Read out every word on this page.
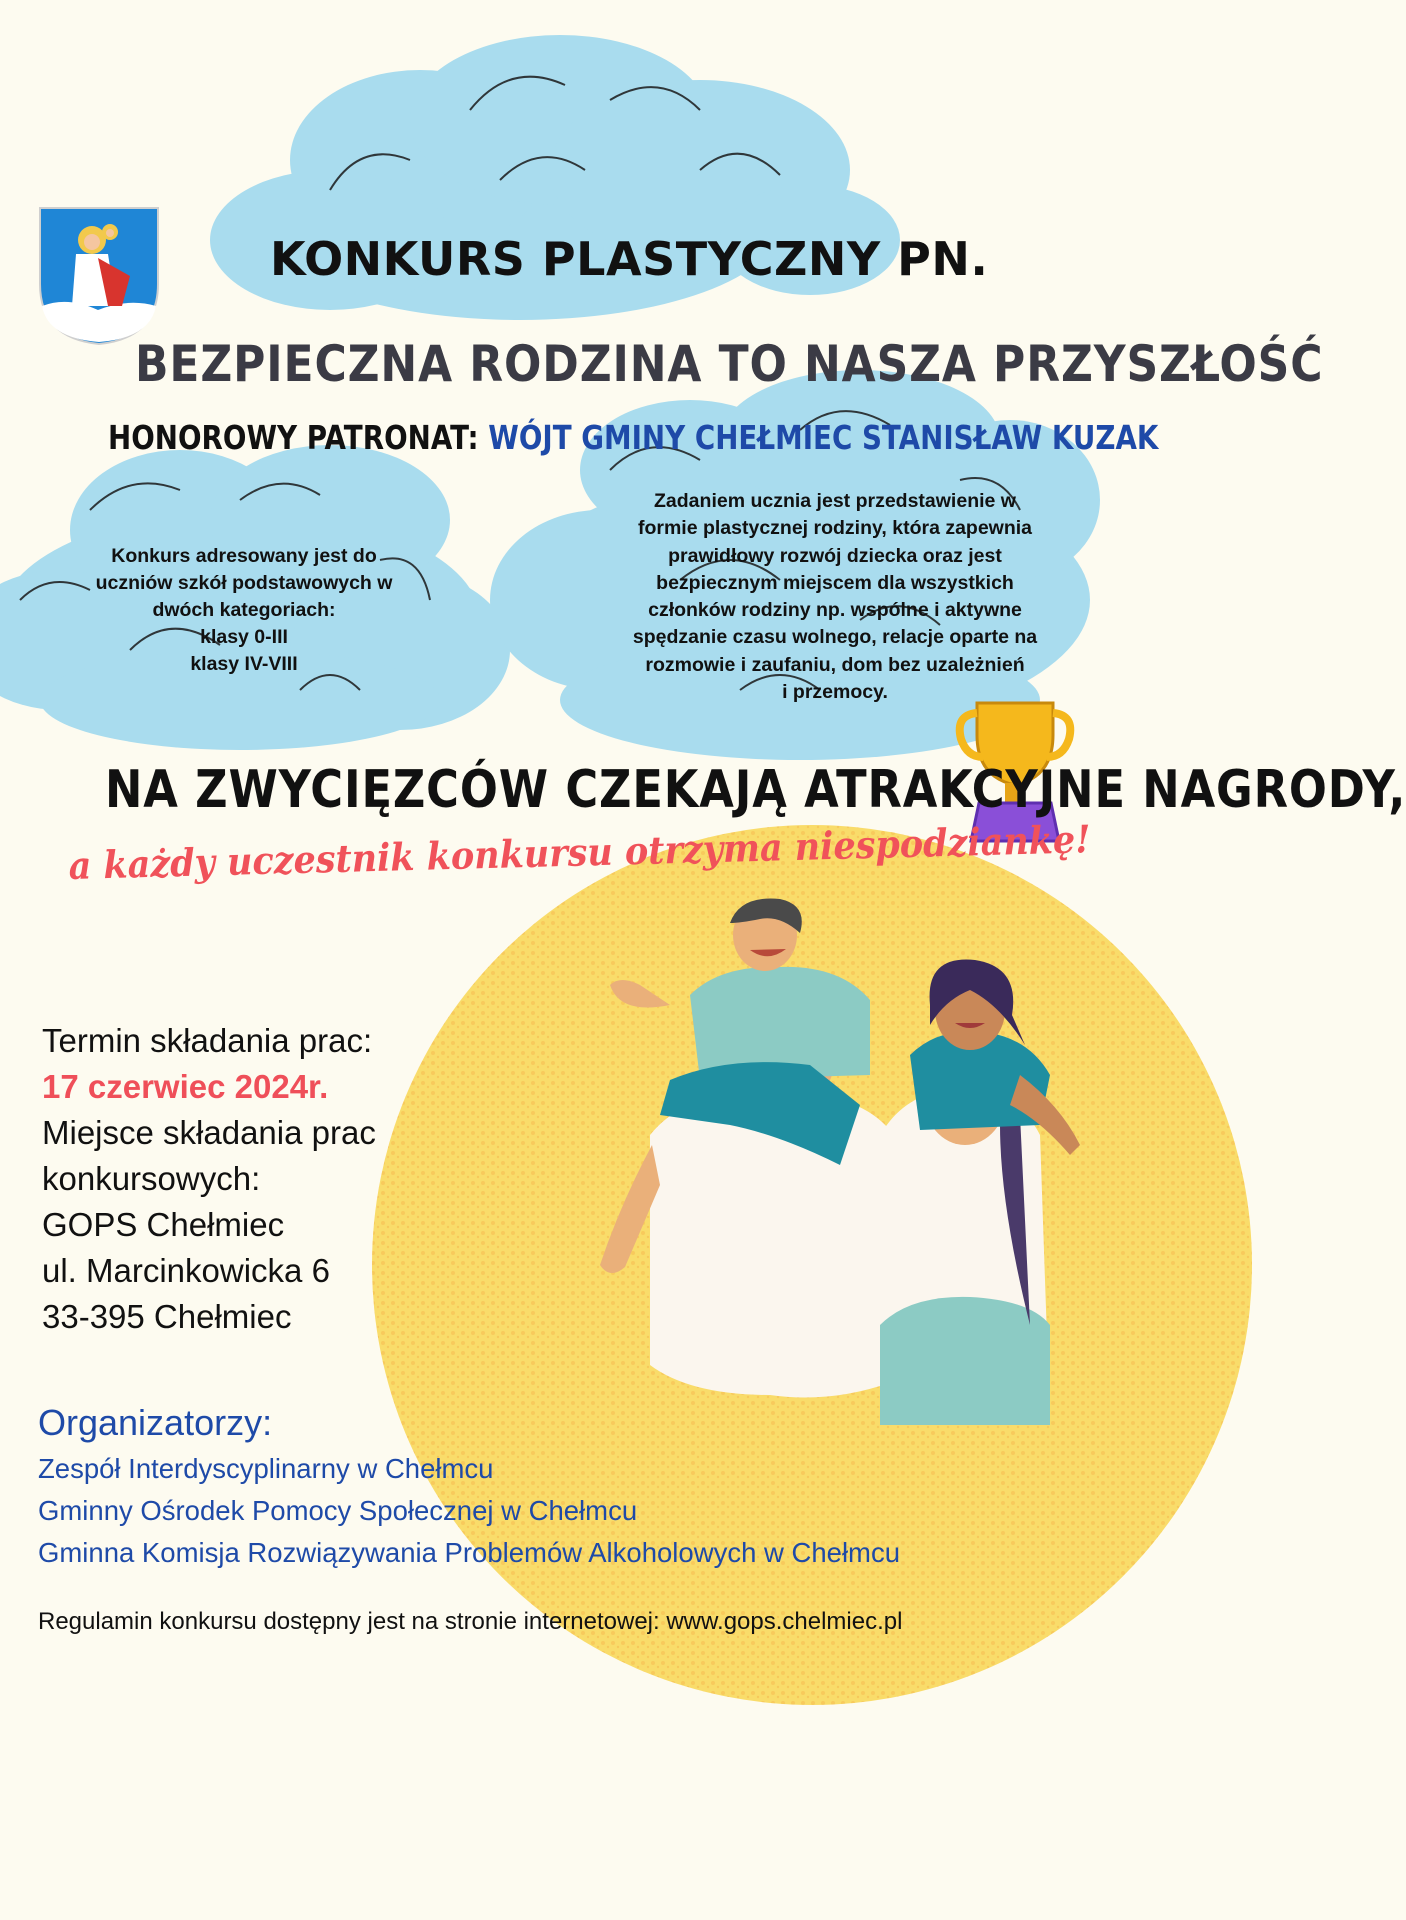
KONKURS PLASTYCZNY PN.
BEZPIECZNA RODZINA TO NASZA PRZYSZŁOŚĆ
HONOROWY PATRONAT: WÓJT GMINY CHEŁMIEC STANISŁAW KUZAK
Konkurs adresowany jest do
uczniów szkół podstawowych w
dwóch kategoriach:
klasy 0-III
klasy IV-VIII
Zadaniem ucznia jest przedstawienie w
formie plastycznej rodziny, która zapewnia
prawidłowy rozwój dziecka oraz jest
bezpiecznym miejscem dla wszystkich
członków rodziny np. wspólne i aktywne
spędzanie czasu wolnego, relacje oparte na
rozmowie i zaufaniu, dom bez uzależnień
i przemocy.
NA ZWYCIĘZCÓW CZEKAJĄ ATRAKCYJNE NAGRODY,
a każdy uczestnik konkursu otrzyma niespodziankę!
Termin składania prac:
17 czerwiec 2024r.
Miejsce składania prac
konkursowych:
GOPS Chełmiec
ul. Marcinkowicka 6
33-395 Chełmiec
Organizatorzy:
Zespół Interdyscyplinarny w Chełmcu
Gminny Ośrodek Pomocy Społecznej w Chełmcu
Gminna Komisja Rozwiązywania Problemów Alkoholowych w Chełmcu
Regulamin konkursu dostępny jest na stronie internetowej: www.gops.chelmiec.pl
